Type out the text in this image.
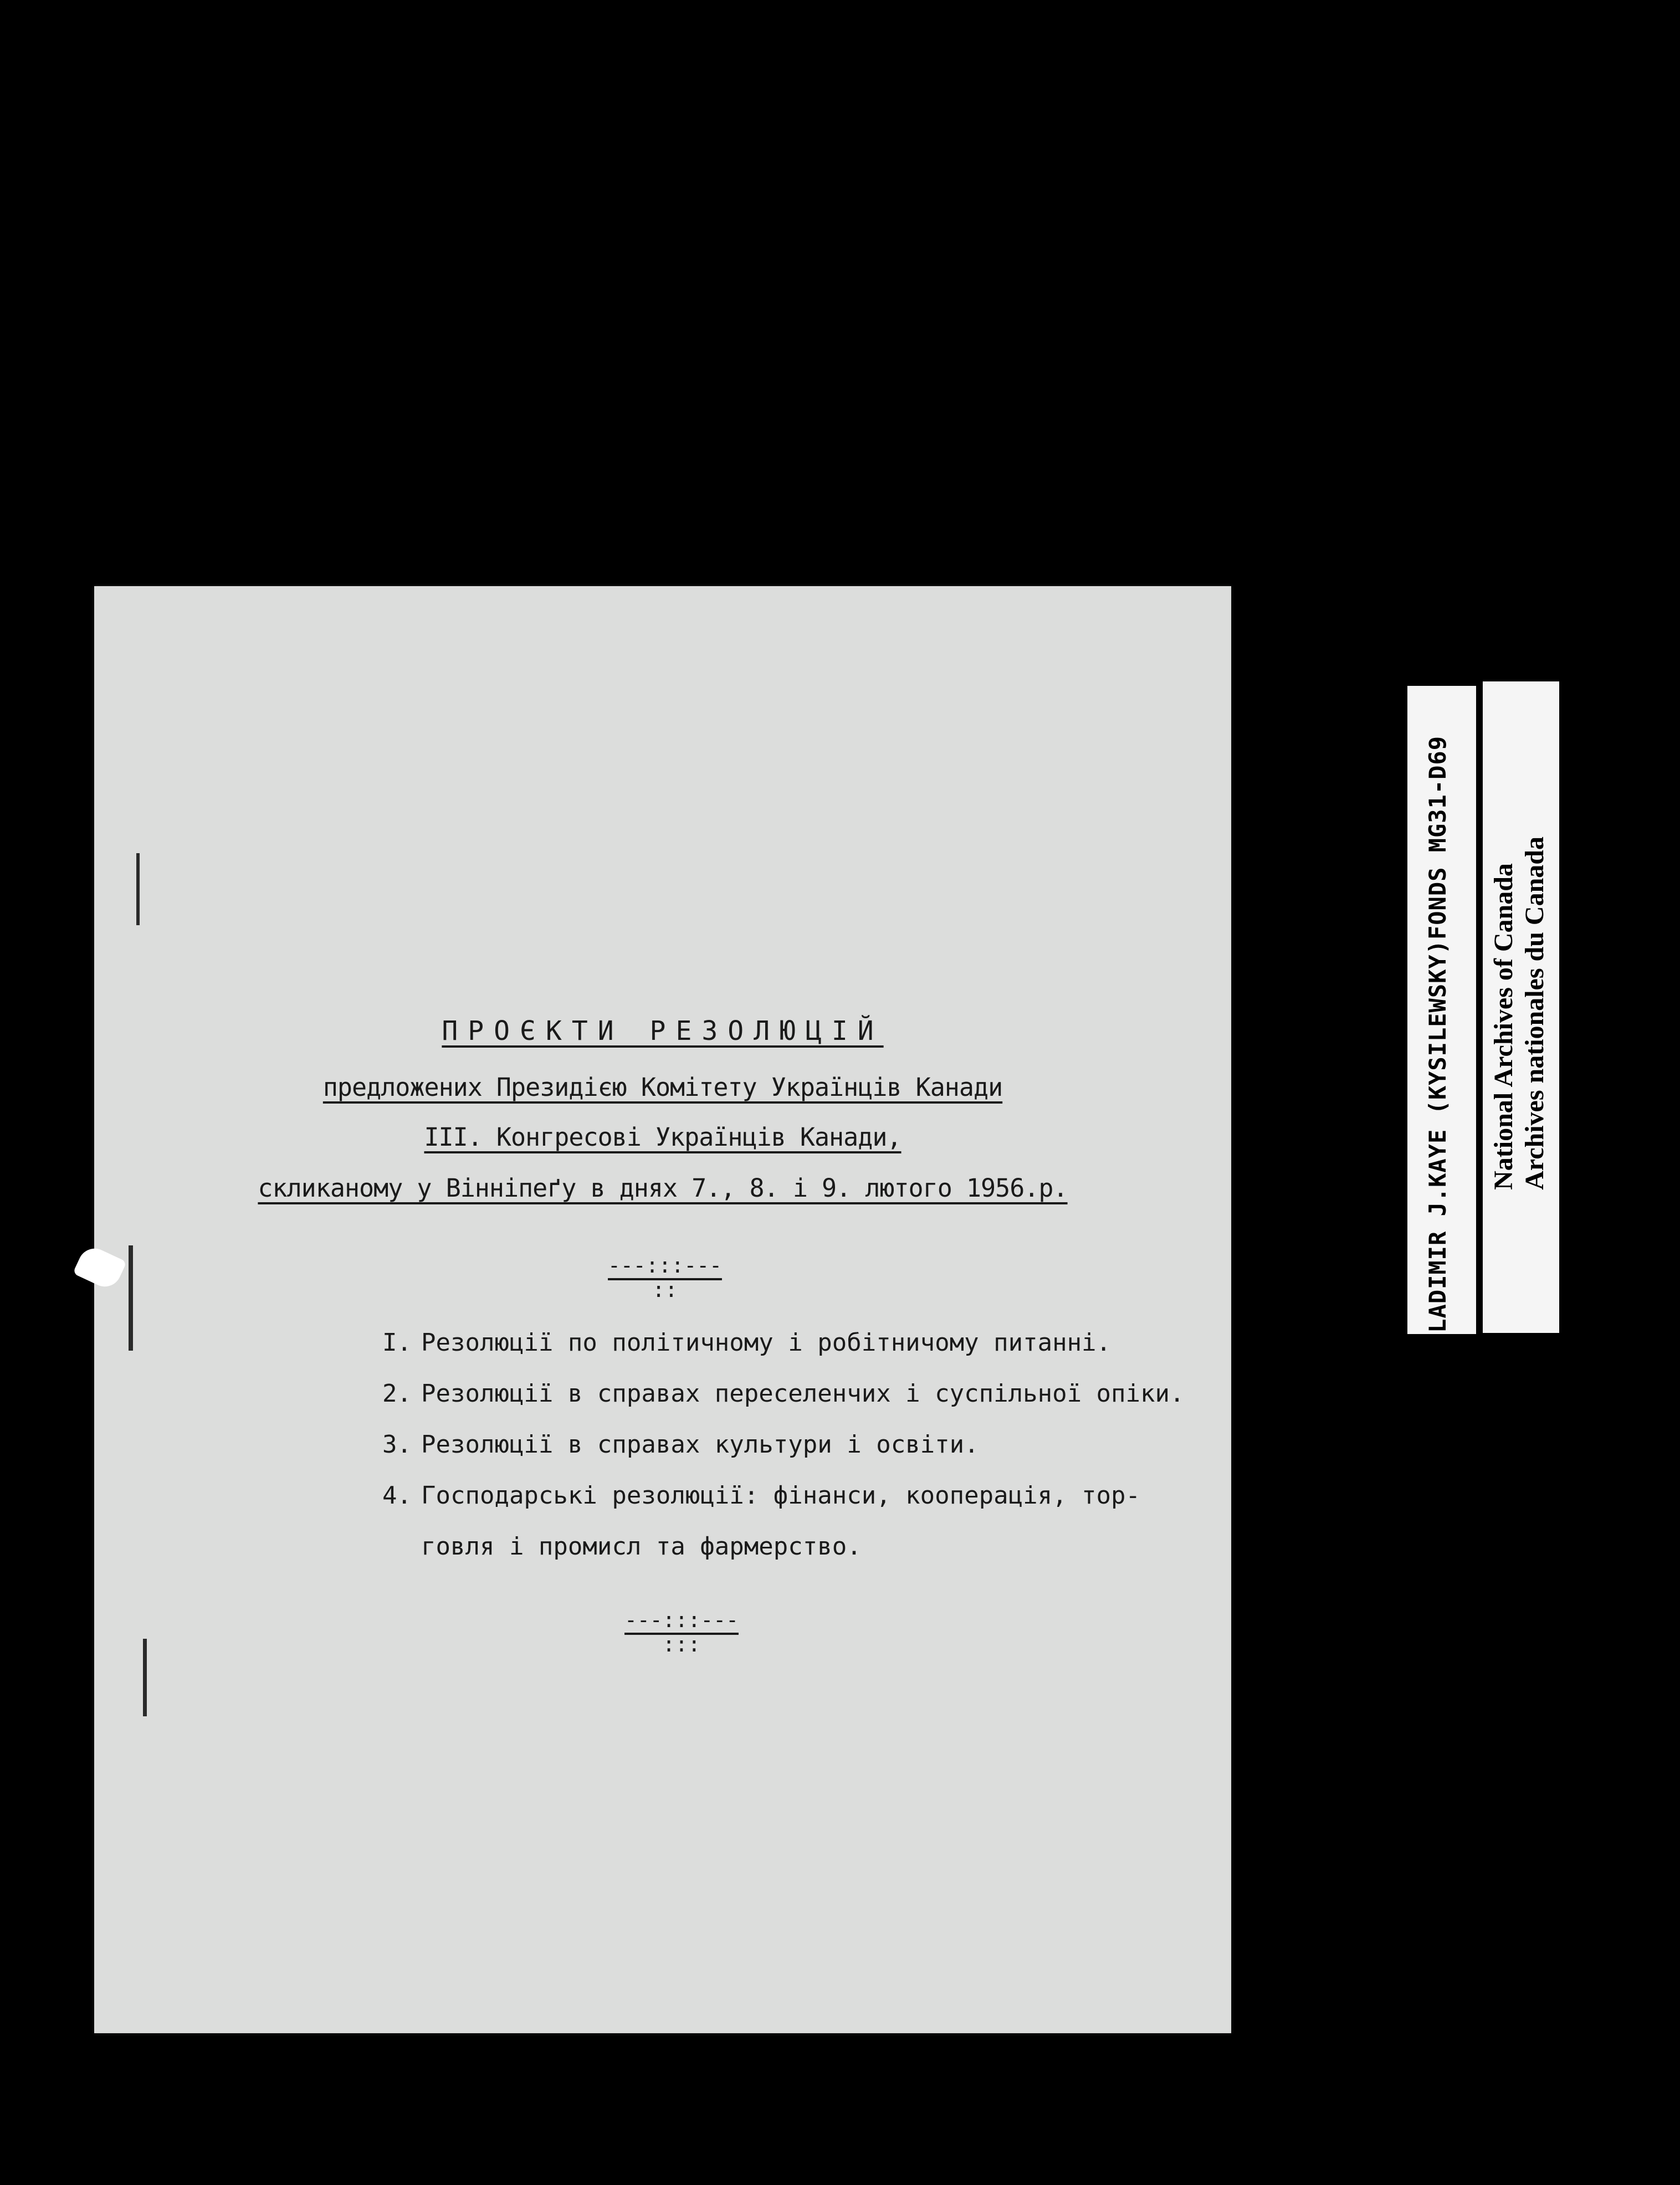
ПРОЄКТИ РЕЗОЛЮЦІЙ
предложених Президією Комітету Українців Канади
ІІІ. Конгресові Українців Канади,
скликаному у Вінніпеґу в днях 7., 8. і 9. лютого 1956.р.
---:::---
::
I. Резолюції по політичному і робітничому питанні.
2. Резолюції в справах переселенчих і суспільної опіки.
3. Резолюції в справах культури і освіти.
4. Господарські резолюції: фінанси, кооперація, тор-
говля і промисл та фармерство.
---:::---
:::
VLADIMIR J.KAYE (KYSILEWSKY)FONDS MG31-D69 National Archives of Canada Archives nationales du Canada
